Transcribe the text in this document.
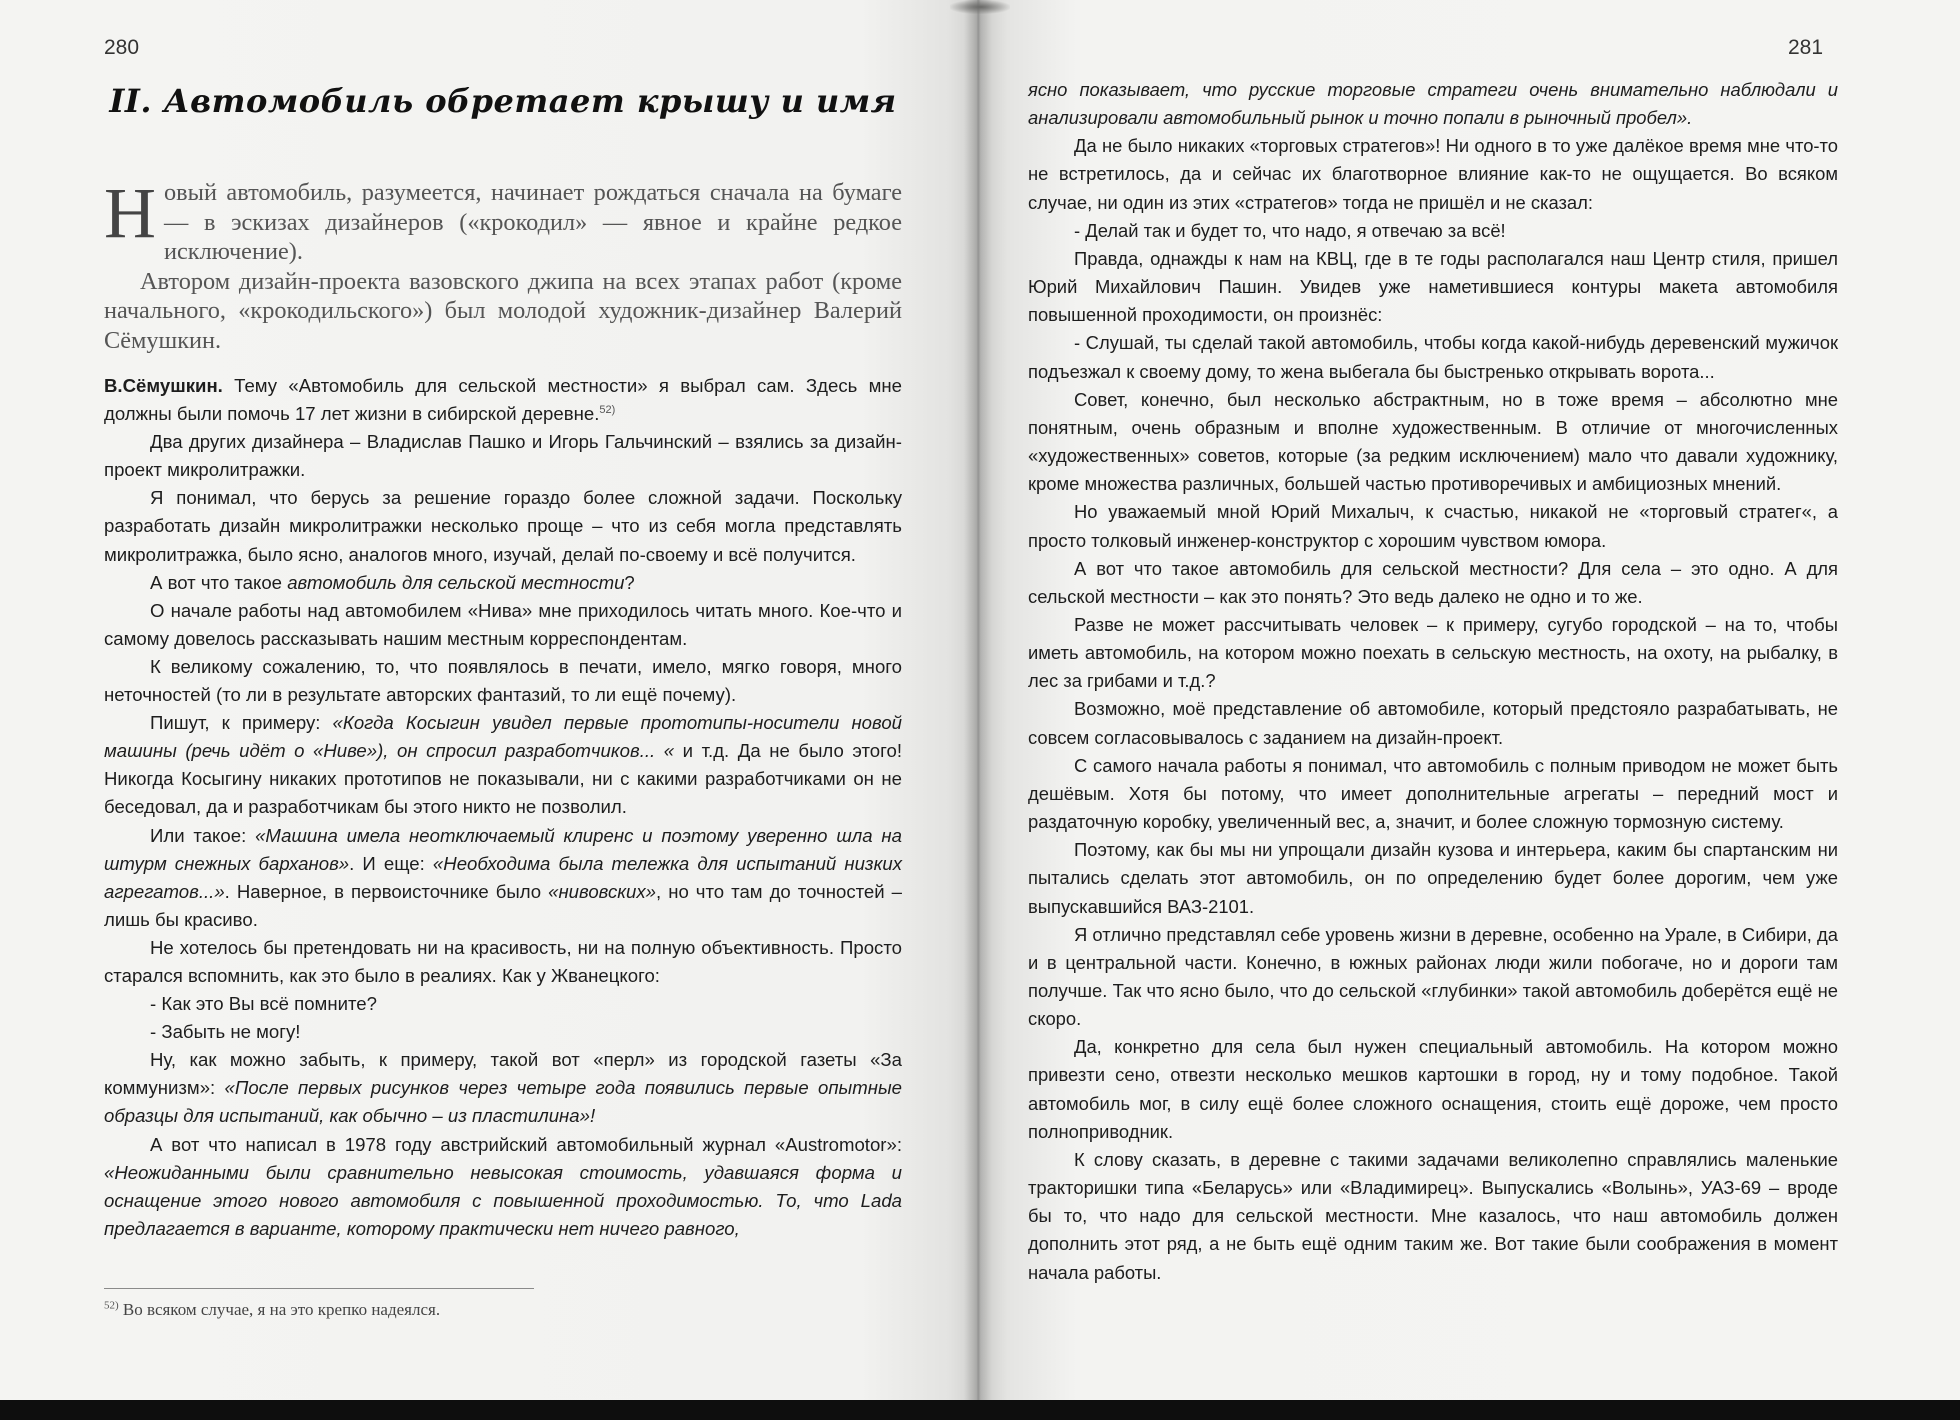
280
II. Автомобиль обретает крышу и имя

Новый автомобиль, разумеется, начинает рождаться сначала на бумаге — в эскизах дизайнеров («крокодил» — явное и крайне редкое исключение).

Автором дизайн-проекта вазовского джипа на всех этапах работ (кроме начального, «крокодильского») был молодой художник-дизайнер Валерий Сёмушкин.

В.Сёмушкин. Тему «Автомобиль для сельской местности» я выбрал сам. Здесь мне должны были помочь 17 лет жизни в сибирской деревне.$^{52)}$

Два других дизайнера – Владислав Пашко и Игорь Гальчинский – взялись за дизайн-проект микролитражки.

Я понимал, что берусь за решение гораздо более сложной задачи. Поскольку разработать дизайн микролитражки несколько проще – что из себя могла представлять микролитражка, было ясно, аналогов много, изучай, делай по-своему и всё получится.

А вот что такое автомобиль для сельской местности?

О начале работы над автомобилем «Нива» мне приходилось читать много. Кое-что и самому довелось рассказывать нашим местным корреспондентам.

К великому сожалению, то, что появлялось в печати, имело, мягко говоря, много неточностей (то ли в результате авторских фантазий, то ли ещё почему).

Пишут, к примеру: «Когда Косыгин увидел первые прототипы-носители новой машины (речь идёт о «Ниве»), он спросил разработчиков... « и т.д. Да не было этого! Никогда Косыгину никаких прототипов не показывали, ни с какими разработчиками он не беседовал, да и разработчикам бы этого никто не позволил.

Или такое: «Машина имела неотключаемый клиренс и поэтому уверенно шла на штурм снежных барханов». И еще: «Необходима была тележка для испытаний низких агрегатов...». Наверное, в первоисточнике было «нивовских», но что там до точностей – лишь бы красиво.

Не хотелось бы претендовать ни на красивость, ни на полную объективность. Просто старался вспомнить, как это было в реалиях. Как у Жванецкого:

- Как это Вы всё помните?

- Забыть не могу!

Ну, как можно забыть, к примеру, такой вот «перл» из городской газеты «За коммунизм»: «После первых рисунков через четыре года появились первые опытные образцы для испытаний, как обычно – из пластилина»!

А вот что написал в 1978 году австрийский автомобильный журнал «Austromotor»: «Неожиданными были сравнительно невысокая стоимость, удавшаяся форма и оснащение этого нового автомобиля с повышенной проходимостью. То, что Lada предлагается в варианте, которому практически нет ничего равного,

$^{52)}$ Во всяком случае, я на это крепко надеялся.

281

ясно показывает, что русские торговые стратеги очень внимательно наблюдали и анализировали автомобильный рынок и точно попали в рыночный пробел».

Да не было никаких «торговых стратегов»! Ни одного в то уже далёкое время мне что-то не встретилось, да и сейчас их благотворное влияние как-то не ощущается. Во всяком случае, ни один из этих «стратегов» тогда не пришёл и не сказал:

- Делай так и будет то, что надо, я отвечаю за всё!

Правда, однажды к нам на КВЦ, где в те годы располагался наш Центр стиля, пришел Юрий Михайлович Пашин. Увидев уже наметившиеся контуры макета автомобиля повышенной проходимости, он произнёс:

- Слушай, ты сделай такой автомобиль, чтобы когда какой-нибудь деревенский мужичок подъезжал к своему дому, то жена выбегала бы быстренько открывать ворота...

Совет, конечно, был несколько абстрактным, но в тоже время – абсолютно мне понятным, очень образным и вполне художественным. В отличие от многочисленных «художественных» советов, которые (за редким исключением) мало что давали художнику, кроме множества различных, большей частью противоречивых и амбициозных мнений.

Но уважаемый мной Юрий Михалыч, к счастью, никакой не «торговый стратег«, а просто толковый инженер-конструктор с хорошим чувством юмора.

А вот что такое автомобиль для сельской местности? Для села – это одно. А для сельской местности – как это понять? Это ведь далеко не одно и то же.

Разве не может рассчитывать человек – к примеру, сугубо городской – на то, чтобы иметь автомобиль, на котором можно поехать в сельскую местность, на охоту, на рыбалку, в лес за грибами и т.д.?

Возможно, моё представление об автомобиле, который предстояло разрабатывать, не совсем согласовывалось с заданием на дизайн-проект.

С самого начала работы я понимал, что автомобиль с полным приводом не может быть дешёвым. Хотя бы потому, что имеет дополнительные агрегаты – передний мост и раздаточную коробку, увеличенный вес, а, значит, и более сложную тормозную систему.

Поэтому, как бы мы ни упрощали дизайн кузова и интерьера, каким бы спартанским ни пытались сделать этот автомобиль, он по определению будет более дорогим, чем уже выпускавшийся ВАЗ-2101.

Я отлично представлял себе уровень жизни в деревне, особенно на Урале, в Сибири, да и в центральной части. Конечно, в южных районах люди жили побогаче, но и дороги там получше. Так что ясно было, что до сельской «глубинки» такой автомобиль доберётся ещё не скоро.

Да, конкретно для села был нужен специальный автомобиль. На котором можно привезти сено, отвезти несколько мешков картошки в город, ну и тому подобное. Такой автомобиль мог, в силу ещё более сложного оснащения, стоить ещё дороже, чем просто полноприводник.

К слову сказать, в деревне с такими задачами великолепно справлялись маленькие тракторишки типа «Беларусь» или «Владимирец». Выпускались «Волынь», УАЗ-69 – вроде бы то, что надо для сельской местности. Мне казалось, что наш автомобиль должен дополнить этот ряд, а не быть ещё одним таким же. Вот такие были соображения в момент начала работы.
